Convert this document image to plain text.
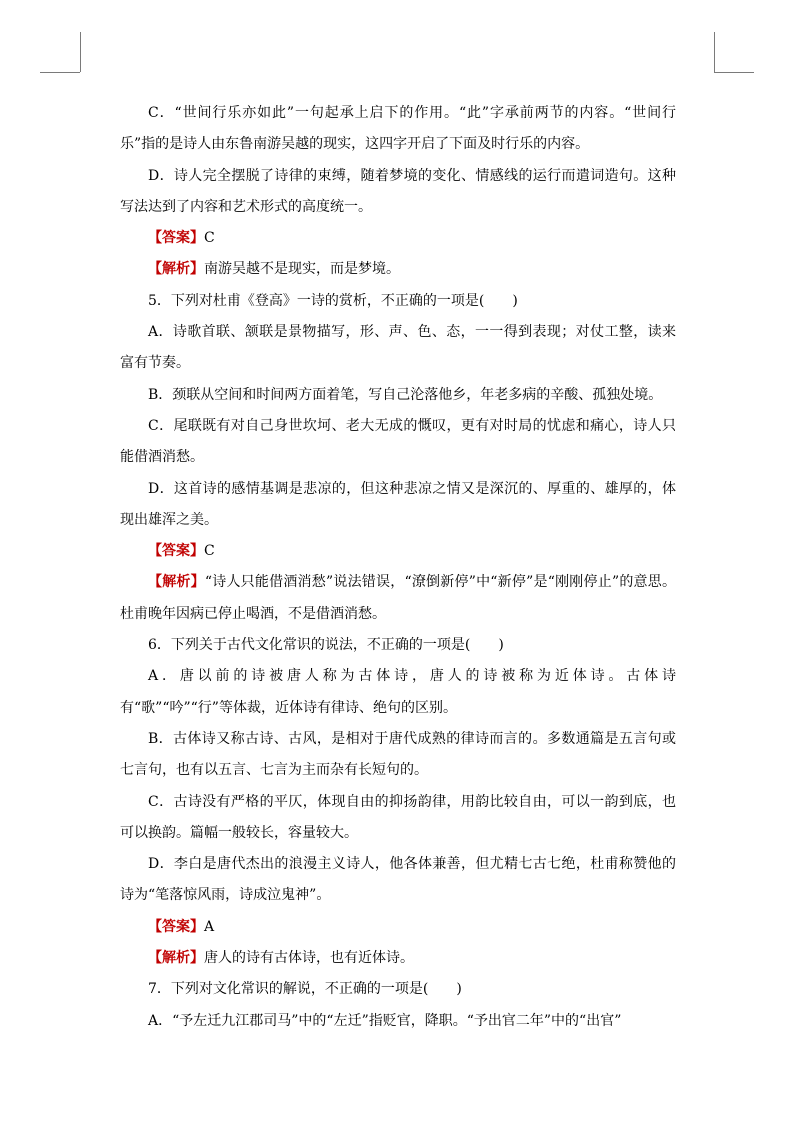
C．“世间行乐亦如此”一句起承上启下的作用。“此”字承前两节的内容。“世间行乐”指的是诗人由东鲁南游吴越的现实，这四字开启了下面及时行乐的内容。

D．诗人完全摆脱了诗律的束缚，随着梦境的变化、情感线的运行而遣词造句。这种写法达到了内容和艺术形式的高度统一。

【答案】C

【解析】南游吴越不是现实，而是梦境。

5．下列对杜甫《登高》一诗的赏析，不正确的一项是(　　)

A．诗歌首联、颔联是景物描写，形、声、色、态，一一得到表现；对仗工整，读来富有节奏。

B．颈联从空间和时间两方面着笔，写自己沦落他乡，年老多病的辛酸、孤独处境。

C．尾联既有对自己身世坎坷、老大无成的慨叹，更有对时局的忧虑和痛心，诗人只能借酒消愁。

D．这首诗的感情基调是悲凉的，但这种悲凉之情又是深沉的、厚重的、雄厚的，体现出雄浑之美。

【答案】C

【解析】“诗人只能借酒消愁”说法错误，“潦倒新停”中“新停”是“刚刚停止”的意思。杜甫晚年因病已停止喝酒，不是借酒消愁。

6．下列关于古代文化常识的说法，不正确的一项是(　　)

A．唐以前的诗被唐人称为古体诗，唐人的诗被称为近体诗。古体诗有“歌”“吟”“行”等体裁，近体诗有律诗、绝句的区别。

B．古体诗又称古诗、古风，是相对于唐代成熟的律诗而言的。多数通篇是五言句或七言句，也有以五言、七言为主而杂有长短句的。

C．古诗没有严格的平仄，体现自由的抑扬韵律，用韵比较自由，可以一韵到底，也可以换韵。篇幅一般较长，容量较大。

D．李白是唐代杰出的浪漫主义诗人，他各体兼善，但尤精七古七绝，杜甫称赞他的诗为“笔落惊风雨，诗成泣鬼神”。

【答案】A

【解析】唐人的诗有古体诗，也有近体诗。

7．下列对文化常识的解说，不正确的一项是(　　)

A．“予左迁九江郡司马”中的“左迁”指贬官，降职。“予出官二年”中的“出官”
